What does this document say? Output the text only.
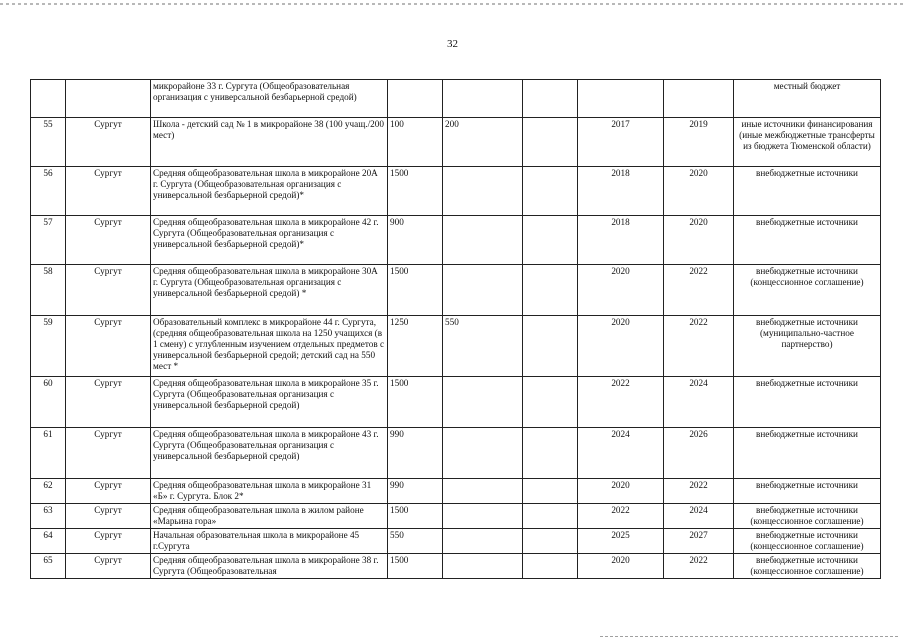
32
		микрорайоне 33 г. Сургута (Общеобразовательная организация с универсальной безбарьерной средой)						местный бюджет
55	Сургут	Школа - детский сад № 1 в микрорайоне 38 (100 учащ./200 мест)	100	200		2017	2019	иные источники финансирования (иные межбюджетные трансферты из бюджета Тюменской области)
56	Сургут	Средняя общеобразовательная школа в микрорайоне 20А г. Сургута (Общеобразовательная организация с универсальной безбарьерной средой)*	1500			2018	2020	внебюджетные источники
57	Сургут	Средняя общеобразовательная школа в микрорайоне 42 г. Сургута (Общеобразовательная организация с универсальной безбарьерной средой)*	900			2018	2020	внебюджетные источники
58	Сургут	Средняя общеобразовательная школа в микрорайоне 30А г. Сургута (Общеобразовательная организация с универсальной безбарьерной средой) *	1500			2020	2022	внебюджетные источники (концессионное соглашение)
59	Сургут	Образовательный комплекс в микрорайоне 44 г. Сургута, (средняя общеобразовательная школа на 1250 учащихся (в 1 смену) с углубленным изучением отдельных предметов с универсальной безбарьерной средой; детский сад на 550 мест *	1250	550		2020	2022	внебюджетные источники (муниципально-частное партнерство)
60	Сургут	Средняя общеобразовательная школа в микрорайоне 35 г. Сургута (Общеобразовательная организация с универсальной безбарьерной средой)	1500			2022	2024	внебюджетные источники
61	Сургут	Средняя общеобразовательная школа в микрорайоне 43 г. Сургута (Общеобразовательная организация с универсальной безбарьерной средой)	990			2024	2026	внебюджетные источники
62	Сургут	Средняя общеобразовательная школа в микрорайоне 31 «Б» г. Сургута. Блок 2*	990			2020	2022	внебюджетные источники
63	Сургут	Средняя общеобразовательная школа в жилом районе «Марьина гора»	1500			2022	2024	внебюджетные источники (концессионное соглашение)
64	Сургут	Начальная образовательная школа в микрорайоне 45 г.Сургута	550			2025	2027	внебюджетные источники (концессионное соглашение)
65	Сургут	Средняя общеобразовательная школа в микрорайоне 38 г. Сургута (Общеобразовательная	1500			2020	2022	внебюджетные источники (концессионное соглашение)
